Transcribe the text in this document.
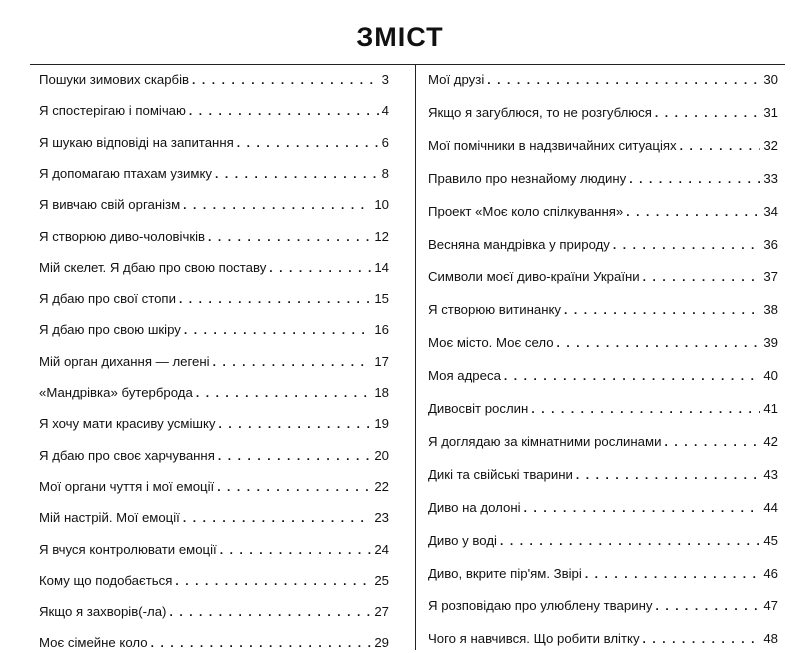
ЗМІСТ
Пошуки зимових скарбів . . .	3
Я спостерігаю і помічаю . . .	4
Я шукаю відповіді на запитання . . .	6
Я допомагаю птахам узимку . . .	8
Я вивчаю свій організм . . .	10
Я створюю диво-чоловічків . . .	12
Мій скелет. Я дбаю про свою поставу . . .	14
Я дбаю про свої стопи . . .	15
Я дбаю про свою шкіру . . .	16
Мій орган дихання — легені . . .	17
«Мандрівка» бутерброда . . .	18
Я хочу мати красиву усмішку . . .	19
Я дбаю про своє харчування . . .	20
Мої органи чуття і мої емоції . . .	22
Мій настрій. Мої емоції . . .	23
Я вчуся контролювати емоції . . .	24
Кому що подобається . . .	25
Якщо я захворів(-ла) . . .	27
Моє сімейне коло . . .	29
Мої друзі . . .	30
Якщо я загублюся, то не розгублюся . . .	31
Мої помічники в надзвичайних ситуаціях . . .	32
Правило про незнайому людину . . .	33
Проект «Моє коло спілкування» . . .	34
Весняна мандрівка у природу . . .	36
Символи моєї диво-країни України . . .	37
Я створюю витинанку . . .	38
Моє місто. Моє село . . .	39
Моя адреса . . .	40
Дивосвіт рослин . . .	41
Я доглядаю за кімнатними рослинами . . .	42
Дикі та свійські тварини . . .	43
Диво на долоні . . .	44
Диво у воді . . .	45
Диво, вкрите пір'ям. Звірі . . .	46
Я розповідаю про улюблену тварину . . .	47
Чого я навчився. Що робити влітку . . .	48
